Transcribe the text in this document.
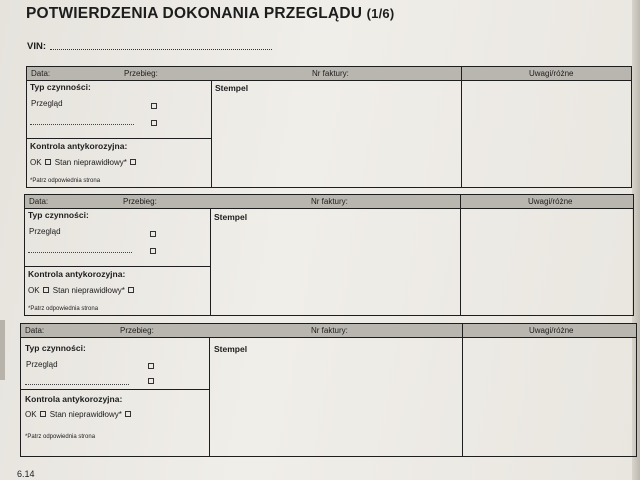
POTWIERDZENIA DOKONANIA PRZEGLĄDU (1/6)
VIN:
Data:	Przebieg:	Nr faktury:	Uwagi/różne
Typ czynności:
Przegląd
Kontrola antykorozyjna:
OK Stan nieprawidłowy*
*Patrz odpowiednia strona
Stempel
Data:	Przebieg:	Nr faktury:	Uwagi/różne
Typ czynności:
Przegląd
Kontrola antykorozyjna:
OK Stan nieprawidłowy*
*Patrz odpowiednia strona
Stempel
Data:	Przebieg:	Nr faktury:	Uwagi/różne
Typ czynności:
Przegląd
Kontrola antykorozyjna:
OK Stan nieprawidłowy*
*Patrz odpowiednia strona
Stempel
6.14
